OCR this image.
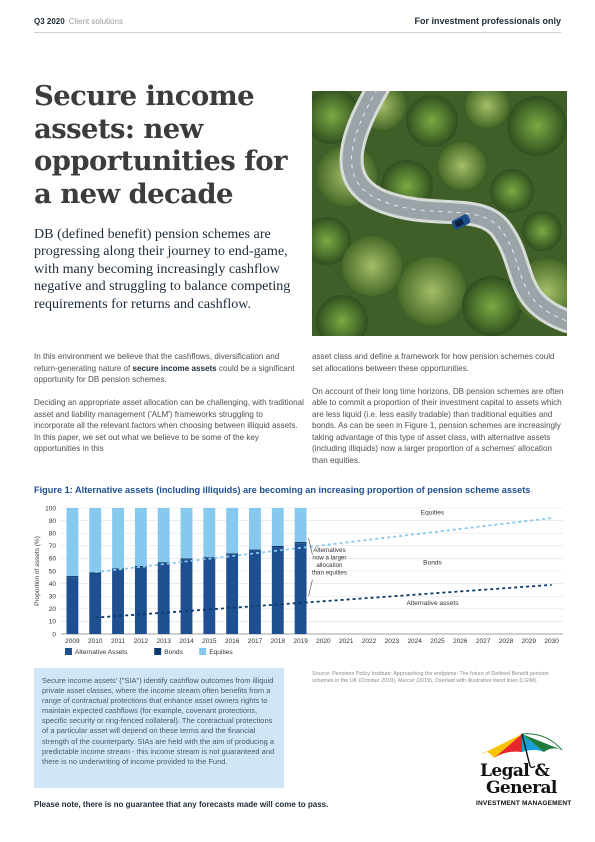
Q3 2020 Client solutions	For investment professionals only
Secure income assets: new opportunities for a new decade
DB (defined benefit) pension schemes are progressing along their journey to end-game, with many becoming increasingly cashflow negative and struggling to balance competing requirements for returns and cashflow.

In this environment we believe that the cashflows, diversification and return-generating nature of secure income assets could be a significant opportunity for DB pension schemes.

Deciding an appropriate asset allocation can be challenging, with traditional asset and liability management ('ALM') frameworks struggling to incorporate all the relevant factors when choosing between illiquid assets. In this paper, we set out what we believe to be some of the key opportunities in this

asset class and define a framework for how pension schemes could set allocations between these opportunities.

On account of their long time horizons, DB pension schemes are often able to commit a proportion of their investment capital to assets which are less liquid (i.e. less easily tradable) than traditional equities and bonds. As can be seen in Figure 1, pension schemes are increasingly taking advantage of this type of asset class, with alternative assets (including illiquids) now a larger proportion of a schemes' allocation than equities.

Figure 1: Alternative assets (including illiquids) are becoming an increasing proportion of pension scheme assets
0
10
20
30
40
50
60
70
80
90
100
Proportion of assets (%)
2009 2010 2011 2012 2013 2014 2015 2016 2017 2018 2019 2020 2021 2022 2023 2024 2025 2026 2027 2028 2029 2030
Equities
Bonds
Alternative assets
Alternatives
now a larger
allocation
than equities
Alternative Assets	Bonds	Equities
Source: Pensions Policy Institute: Approaching the endgame: The future of Defined Benefit pension schemes in the UK (October 2019), Mercer (2019), Oxerlaid with illustrative trend lines (LGIM).
Secure income assets' ("SIA") identify cashflow outcomes from illiquid private asset classes, where the income stream often benefits from a range of contractual protections that enhance asset owners rights to maintain expected cashflows (for example, covenant protections, specific security or ring-fenced collateral). The contractual protections of a particular asset will depend on these terms and the financial strength of the counterparty. SIAs are held with the aim of producing a predictable income stream - this income stream is not guaranteed and there is no underwriting of income provided to the Fund.	Legal &
General
INVESTMENT MANAGEMENT
Please note, there is no guarantee that any forecasts made will come to pass.
